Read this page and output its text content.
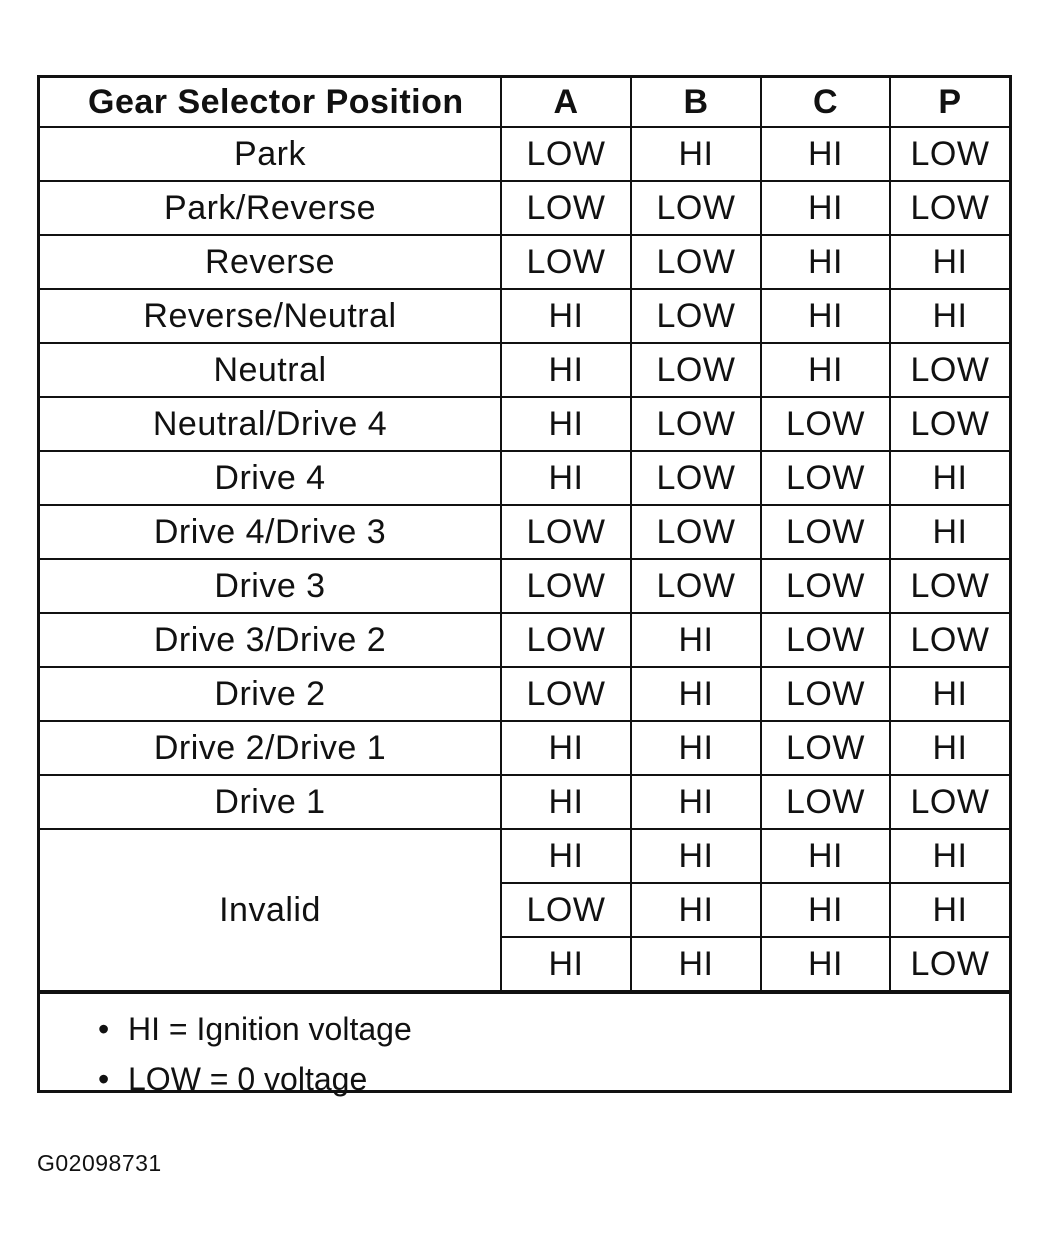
Gear Selector Position	A	B	C	P
Park	LOW	HI	HI	LOW
Park/Reverse	LOW	LOW	HI	LOW
Reverse	LOW	LOW	HI	HI
Reverse/Neutral	HI	LOW	HI	HI
Neutral	HI	LOW	HI	LOW
Neutral/Drive 4	HI	LOW	LOW	LOW
Drive 4	HI	LOW	LOW	HI
Drive 4/Drive 3	LOW	LOW	LOW	HI
Drive 3	LOW	LOW	LOW	LOW
Drive 3/Drive 2	LOW	HI	LOW	LOW
Drive 2	LOW	HI	LOW	HI
Drive 2/Drive 1	HI	HI	LOW	HI
Drive 1	HI	HI	LOW	LOW
Invalid	HI	HI	HI	HI
	LOW	HI	HI	HI
	HI	HI	HI	LOW
• HI = Ignition voltage
• LOW = 0 voltage
G02098731
